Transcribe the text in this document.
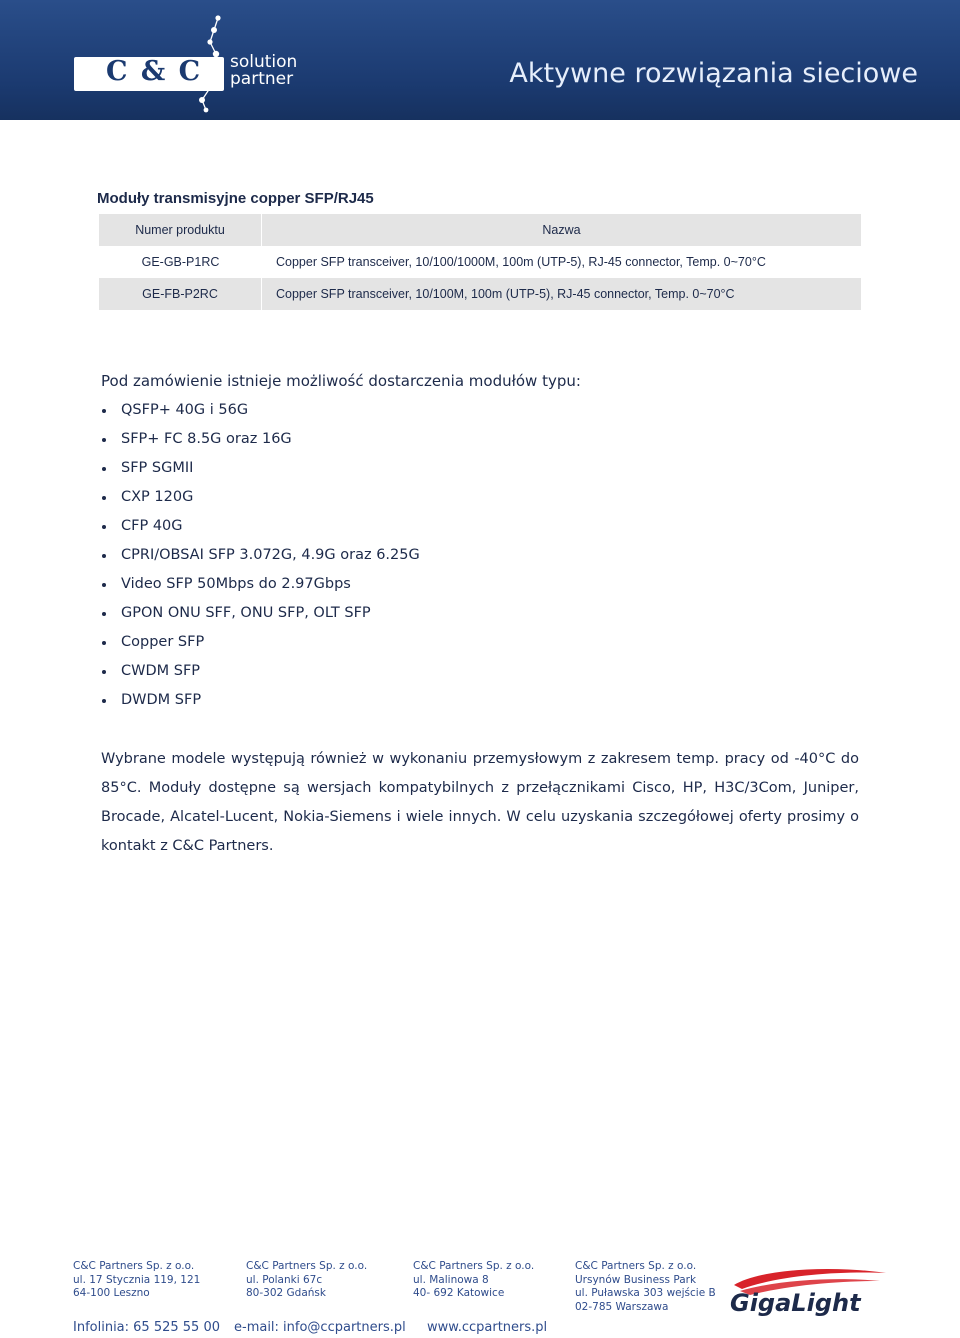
C & C solution
partner	Aktywne rozwiązania sieciowe
Moduły transmisyjne copper SFP/RJ45
Numer produktu	Nazwa
GE-GB-P1RC	Copper SFP transceiver, 10/100/1000M, 100m (UTP-5), RJ-45 connector, Temp. 0~70°C
GE-FB-P2RC	Copper SFP transceiver, 10/100M, 100m (UTP-5), RJ-45 connector, Temp. 0~70°C
Pod zamówienie istnieje możliwość dostarczenia modułów typu:
QSFP+ 40G i 56G
SFP+ FC 8.5G oraz 16G
SFP SGMII
CXP 120G
CFP 40G
CPRI/OBSAI SFP 3.072G, 4.9G oraz 6.25G
Video SFP 50Mbps do 2.97Gbps
GPON ONU SFF, ONU SFP, OLT SFP
Copper SFP
CWDM SFP
DWDM SFP
Wybrane modele występują również w wykonaniu przemysłowym z zakresem temp. pracy od -40°C do 85°C. Moduły dostępne są wersjach kompatybilnych z przełącznikami Cisco, HP, H3C/3Com, Juniper, Brocade, Alcatel-Lucent, Nokia-Siemens i wiele innych. W celu uzyskania szczegółowej oferty prosimy o kontakt z C&C Partners.
C&C Partners Sp. z o.o.
ul. 17 Stycznia 119, 121
64-100 Leszno
C&C Partners Sp. z o.o.
ul. Polanki 67c
80-302 Gdańsk
C&C Partners Sp. z o.o.
ul. Malinowa 8
40- 692 Katowice
C&C Partners Sp. z o.o.
Ursynów Business Park
ul. Puławska 303 wejście B
02-785 Warszawa	GigaLight
Infolinia: 65 525 55 00 e-mail: info@ccpartners.pl www.ccpartners.pl
